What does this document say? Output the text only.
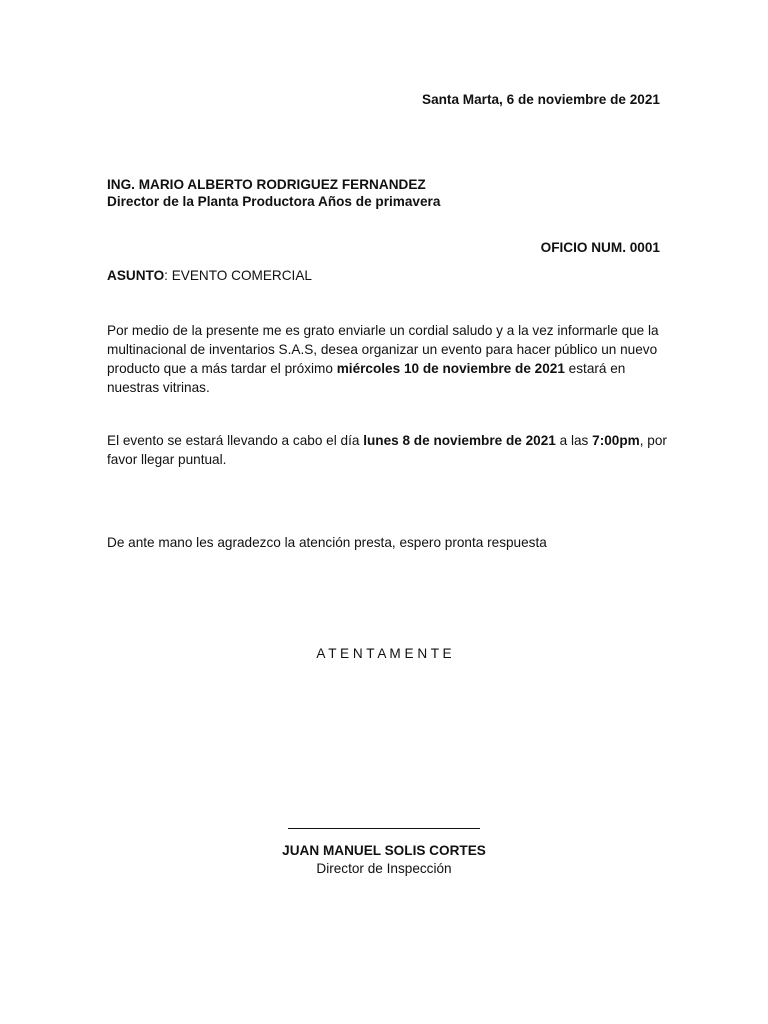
Santa Marta, 6 de noviembre de 2021
ING. MARIO ALBERTO RODRIGUEZ FERNANDEZ
Director de la Planta Productora Años de primavera
OFICIO NUM. 0001
ASUNTO: EVENTO COMERCIAL
Por medio de la presente me es grato enviarle un cordial saludo y a la vez informarle que la multinacional de inventarios S.A.S, desea organizar un evento para hacer público un nuevo producto que a más tardar el próximo miércoles 10 de noviembre de 2021 estará en nuestras vitrinas.
El evento se estará llevando a cabo el día lunes 8 de noviembre de 2021 a las 7:00pm, por favor llegar puntual.
De ante mano les agradezco la atención presta, espero pronta respuesta
A T E N T A M E N T E
JUAN MANUEL SOLIS CORTES
Director de Inspección
